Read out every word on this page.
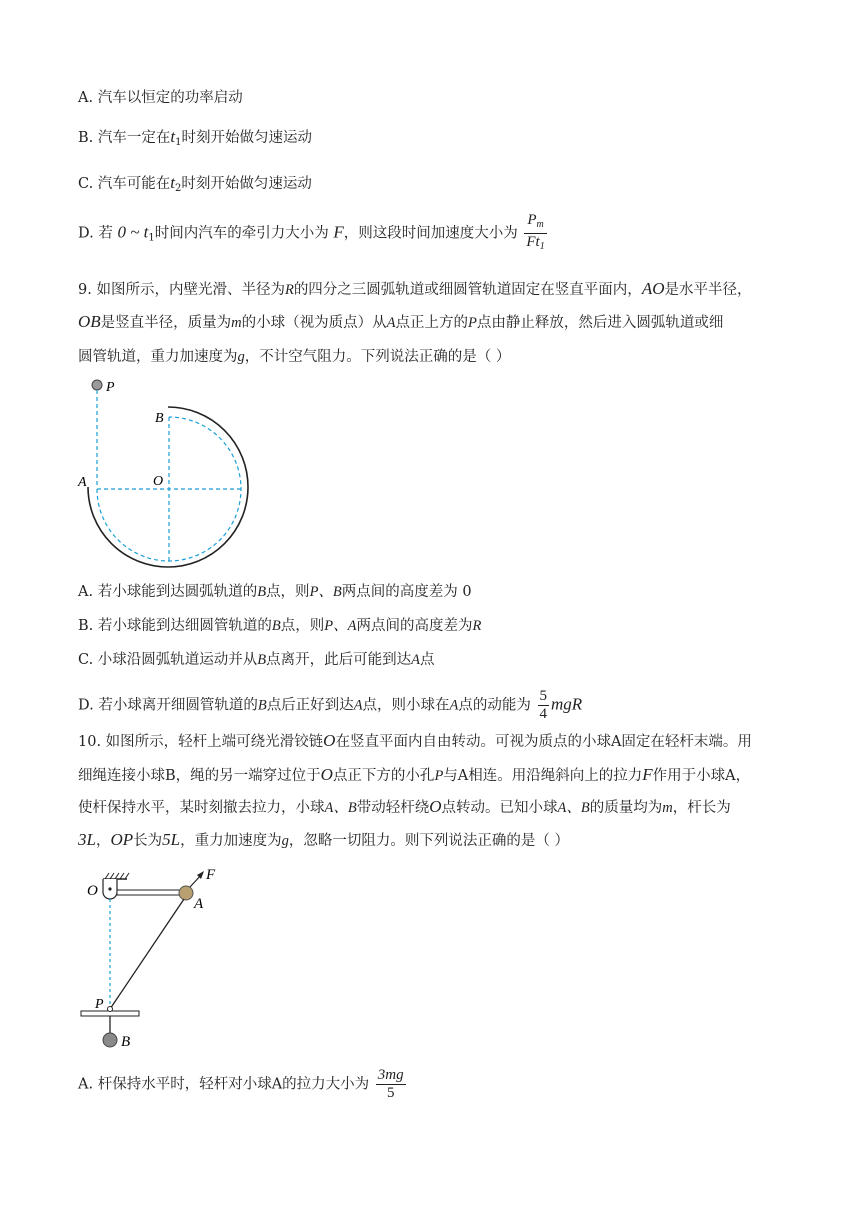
A. 汽车以恒定的功率启动
B. 汽车一定在$t_1$时刻开始做匀速运动
C. 汽车可能在$t_2$时刻开始做匀速运动
D. 若 0 ~ $t_1$时间内汽车的牵引力大小为 F，则这段时间加速度大小为 $\frac{P_m}{Ft_1}$
9. 如图所示，内壁光滑、半径为R的四分之三圆弧轨道或细圆管轨道固定在竖直平面内，AO是水平半径，
OB是竖直半径，质量为m的小球（视为质点）从A点正上方的P点由静止释放，然后进入圆弧轨道或细
圆管轨道，重力加速度为g，不计空气阻力。下列说法正确的是（ ）
P
B
A	O
A. 若小球能到达圆弧轨道的B点，则P、B两点间的高度差为 0
B. 若小球能到达细圆管轨道的B点，则P、A两点间的高度差为R
C. 小球沿圆弧轨道运动并从B点离开，此后可能到达A点
D. 若小球离开细圆管轨道的B点后正好到达A点，则小球在A点的动能为 $\frac{5}{4}$ mgR
10. 如图所示，轻杆上端可绕光滑铰链O在竖直平面内自由转动。可视为质点的小球A固定在轻杆末端。用
细绳连接小球B，绳的另一端穿过位于O点正下方的小孔P与A相连。用沿绳斜向上的拉力F作用于小球A，
使杆保持水平，某时刻撤去拉力，小球A、B带动轻杆绕O点转动。已知小球A、B的质量均为m，杆长为
3L，OP长为5L，重力加速度为g，忽略一切阻力。则下列说法正确的是（ ）
O
A
F
P
B
A. 杆保持水平时，轻杆对小球A的拉力大小为 $\frac{3mg}{5}$
